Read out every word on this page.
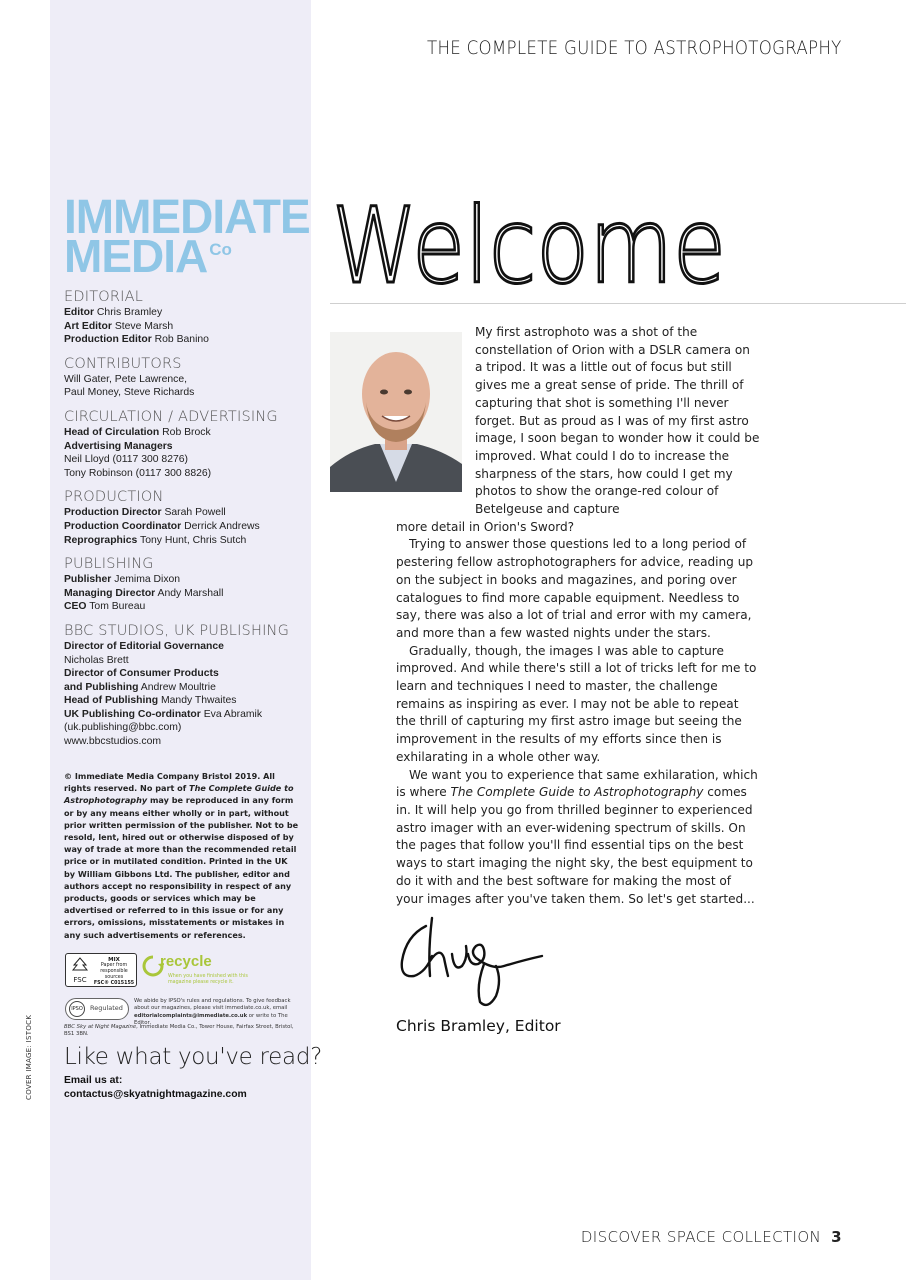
COVER IMAGE: ISTOCK
IMMEDIATE
MEDIA Co
EDITORIAL
Editor Chris Bramley
Art Editor Steve Marsh
Production Editor Rob Banino
CONTRIBUTORS
Will Gater, Pete Lawrence,
Paul Money, Steve Richards
CIRCULATION / ADVERTISING
Head of Circulation Rob Brock
Advertising Managers
Neil Lloyd (0117 300 8276)
Tony Robinson (0117 300 8826)
PRODUCTION
Production Director Sarah Powell
Production Coordinator Derrick Andrews
Reprographics Tony Hunt, Chris Sutch
PUBLISHING
Publisher Jemima Dixon
Managing Director Andy Marshall
CEO Tom Bureau
BBC STUDIOS, UK PUBLISHING
Director of Editorial Governance
Nicholas Brett
Director of Consumer Products
and Publishing Andrew Moultrie
Head of Publishing Mandy Thwaites
UK Publishing Co-ordinator Eva Abramik
(uk.publishing@bbc.com)
www.bbcstudios.com
© Immediate Media Company Bristol 2019. All rights reserved. No part of The Complete Guide to Astrophotography may be reproduced in any form or by any means either wholly or in part, without prior written permission of the publisher. Not to be resold, lent, hired out or otherwise disposed of by way of trade at more than the recommended retail price or in mutilated condition. Printed in the UK by William Gibbons Ltd. The publisher, editor and authors accept no responsibility in respect of any products, goods or services which may be advertised or referred to in this issue or for any errors, omissions, misstatements or mistakes in any such advertisements or references.
FSC
MIX
Paper from responsible sources
FSC® C015155
recycle
When you have finished with this magazine please recycle it.
IPSO	Regulated
We abide by IPSO's rules and regulations. To give feedback about our magazines, please visit immediate.co.uk, email editorialcomplaints@immediate.co.uk or write to The Editor,
BBC Sky at Night Magazine, Immediate Media Co., Tower House, Fairfax Street, Bristol, BS1 3BN.
Like what you've read?
Email us at:
contactus@skyatnightmagazine.com
THE COMPLETE GUIDE TO ASTROPHOTOGRAPHY
Welcome

My first astrophoto was a shot of the constellation of Orion with a DSLR camera on a tripod. It was a little out of focus but still gives me a great sense of pride. The thrill of capturing that shot is something I'll never forget. But as proud as I was of my first astro image, I soon began to wonder how it could be improved. What could I do to increase the sharpness of the stars, how could I get my photos to show the orange-red colour of Betelgeuse and capture

more detail in Orion's Sword?

Trying to answer those questions led to a long period of pestering fellow astrophotographers for advice, reading up on the subject in books and magazines, and poring over catalogues to find more capable equipment. Needless to say, there was also a lot of trial and error with my camera, and more than a few wasted nights under the stars.

Gradually, though, the images I was able to capture improved. And while there's still a lot of tricks left for me to learn and techniques I need to master, the challenge remains as inspiring as ever. I may not be able to repeat the thrill of capturing my first astro image but seeing the improvement in the results of my efforts since then is exhilarating in a whole other way.

We want you to experience that same exhilaration, which is where The Complete Guide to Astrophotography comes in. It will help you go from thrilled beginner to experienced astro imager with an ever-widening spectrum of skills. On the pages that follow you'll find essential tips on the best ways to start imaging the night sky, the best equipment to do it with and the best software for making the most of your images after you've taken them. So let's get started...

Chris Bramley, Editor
DISCOVER SPACE COLLECTION 3
